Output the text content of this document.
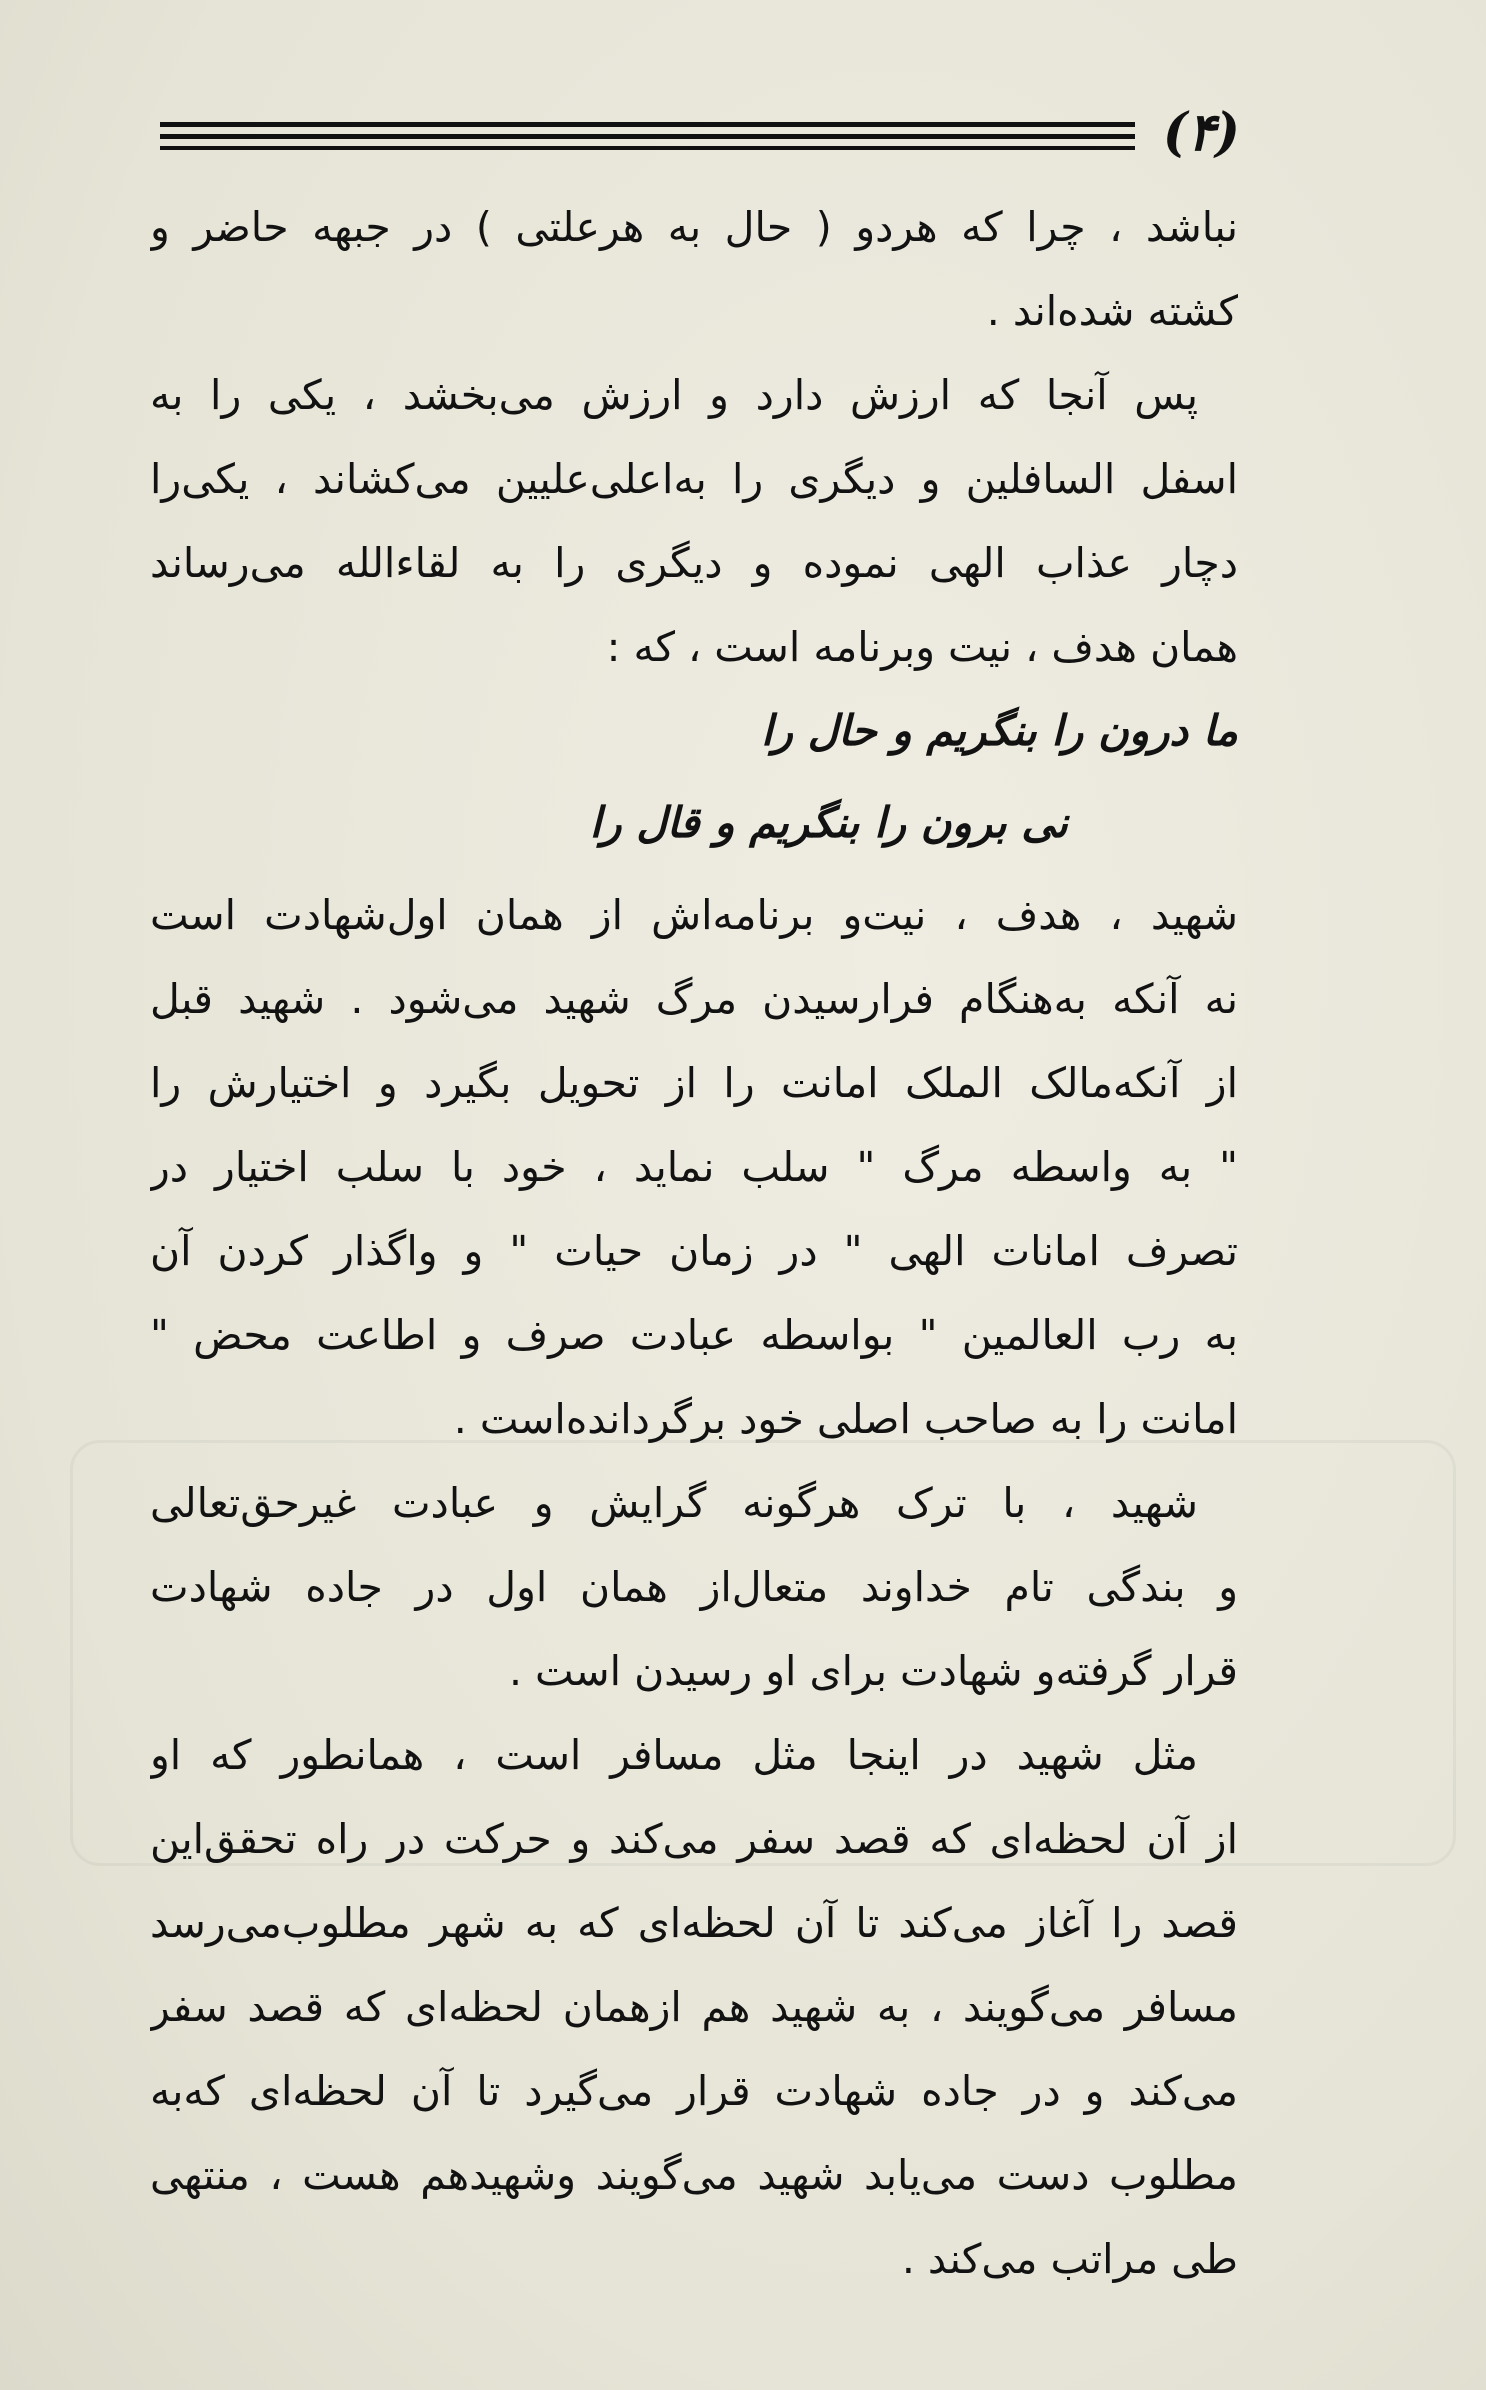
(۴)
نباشد ، چرا که هردو ( حال به هرعلتی ) در جبهه حاضر و
کشته شده‌اند .
پس آنجا که ارزش دارد و ارزش می‌بخشد ، یکی را به
اسفل السافلین و دیگری را به‌اعلی‌علیین می‌کشاند ، یکی‌را
دچار عذاب الهی نموده و دیگری را به لقاءالله می‌رساند
همان هدف ، نیت وبرنامه است ، که :
ما درون را بنگریم و حال را
نی برون را بنگریم و قال را
شهید ، هدف ، نیت‌و برنامه‌اش از همان اول‌شهادت است
نه آنکه به‌هنگام فرارسیدن مرگ شهید می‌شود . شهید قبل
از آنکه‌مالک الملک امانت را از تحویل بگیرد و اختیارش را
" به واسطه مرگ " سلب نماید ، خود با سلب اختیار در
تصرف امانات الهی " در زمان حیات " و واگذار کردن آن
به رب العالمین " بواسطه عبادت صرف و اطاعت محض "
امانت را به صاحب اصلی خود برگردانده‌است .
شهید ، با ترک هرگونه گرایش و عبادت غیرحق‌تعالی
و بندگی تام خداوند متعال‌از همان اول در جاده شهادت
قرار گرفته‌و شهادت برای او رسیدن است .
مثل شهید در اینجا مثل مسافر است ، همانطور که او
از آن لحظه‌ای که قصد سفر می‌کند و حرکت در راه تحقق‌این
قصد را آغاز می‌کند تا آن لحظه‌ای که به شهر مطلوب‌می‌رسد
مسافر می‌گویند ، به شهید هم ازهمان لحظه‌ای که قصد سفر
می‌کند و در جاده شهادت قرار می‌گیرد تا آن لحظه‌ای که‌به
مطلوب دست می‌یابد شهید می‌گویند وشهیدهم هست ، منتهی
طی مراتب می‌کند .
